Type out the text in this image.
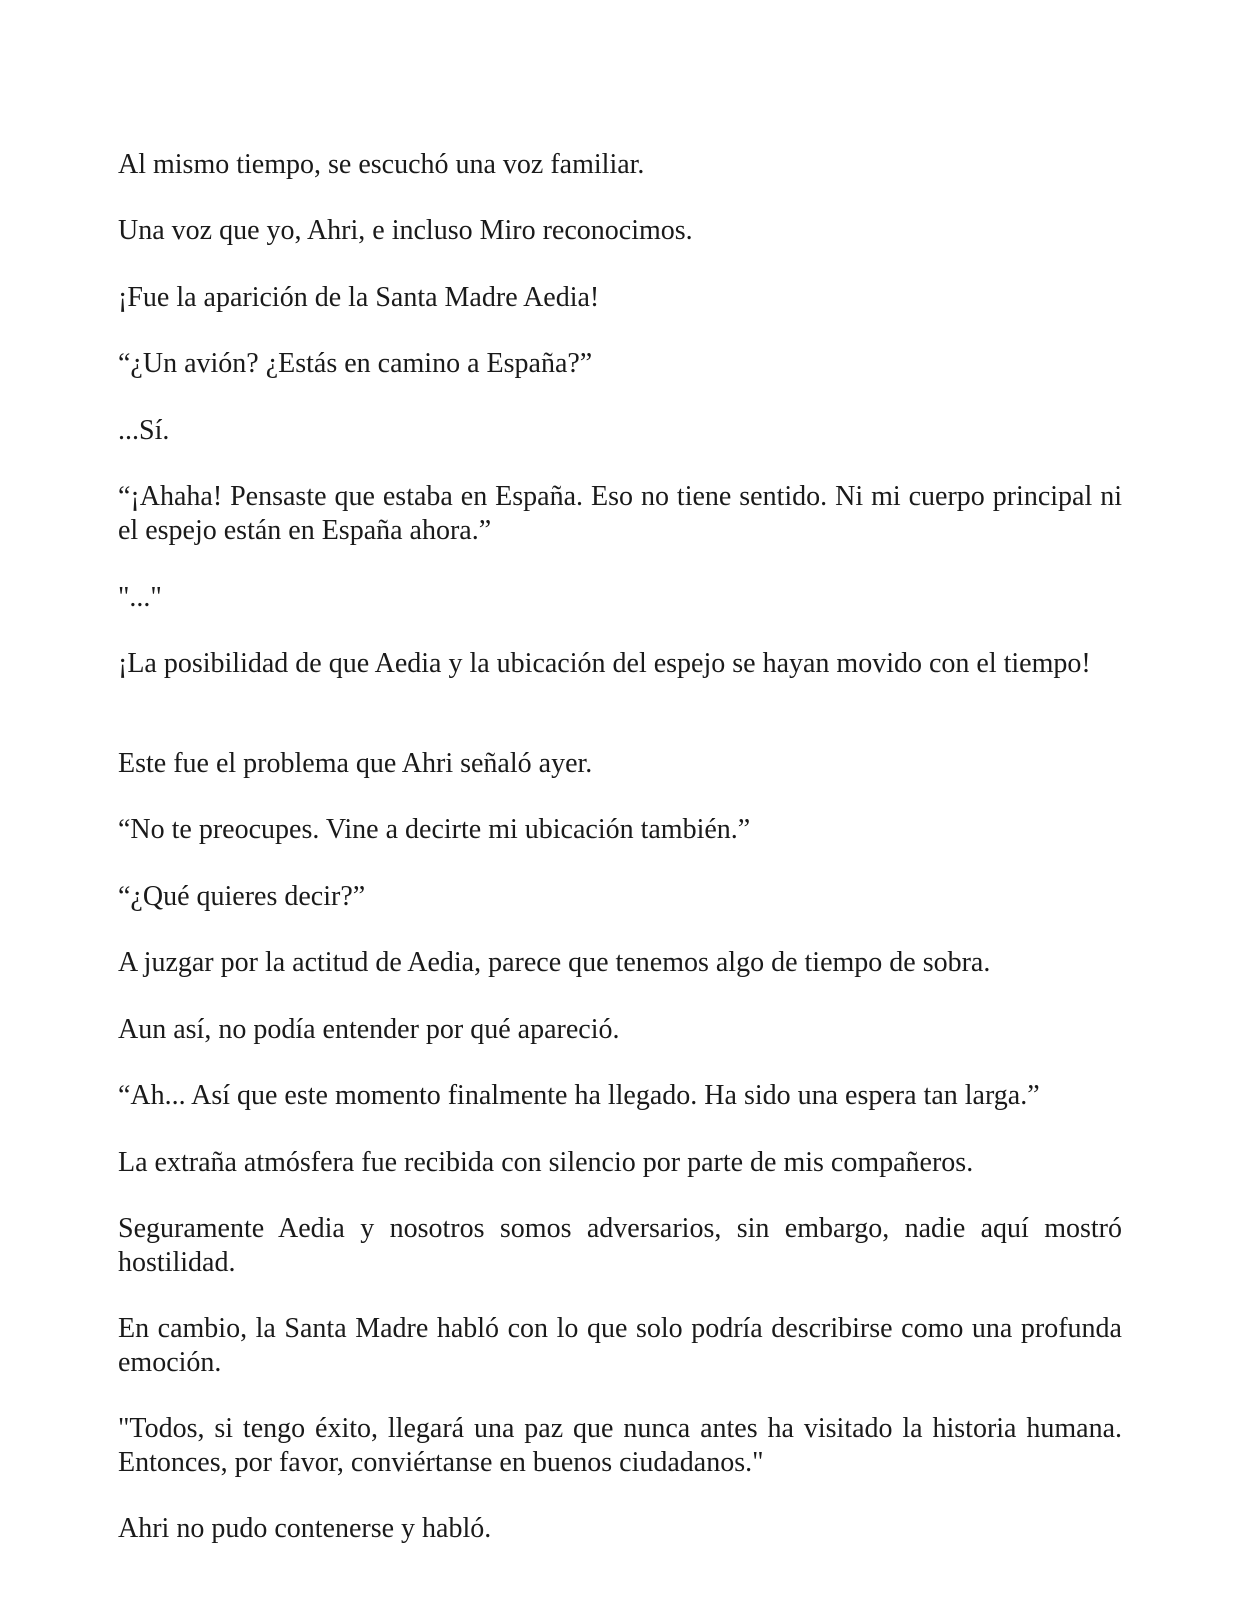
Al mismo tiempo, se escuchó una voz familiar.

Una voz que yo, Ahri, e incluso Miro reconocimos.

¡Fue la aparición de la Santa Madre Aedia!

“¿Un avión? ¿Estás en camino a España?”

...Sí.

“¡Ahaha! Pensaste que estaba en España. Eso no tiene sentido. Ni mi cuerpo principal ni el espejo están en España ahora.”

"..."

¡La posibilidad de que Aedia y la ubicación del espejo se hayan movido con el tiempo!

Este fue el problema que Ahri señaló ayer.

“No te preocupes. Vine a decirte mi ubicación también.”

“¿Qué quieres decir?”

A juzgar por la actitud de Aedia, parece que tenemos algo de tiempo de sobra.

Aun así, no podía entender por qué apareció.

“Ah... Así que este momento finalmente ha llegado. Ha sido una espera tan larga.”

La extraña atmósfera fue recibida con silencio por parte de mis compañeros.

Seguramente Aedia y nosotros somos adversarios, sin embargo, nadie aquí mostró hostilidad.

En cambio, la Santa Madre habló con lo que solo podría describirse como una profunda emoción.

"Todos, si tengo éxito, llegará una paz que nunca antes ha visitado la historia humana. Entonces, por favor, conviértanse en buenos ciudadanos."

Ahri no pudo contenerse y habló.
